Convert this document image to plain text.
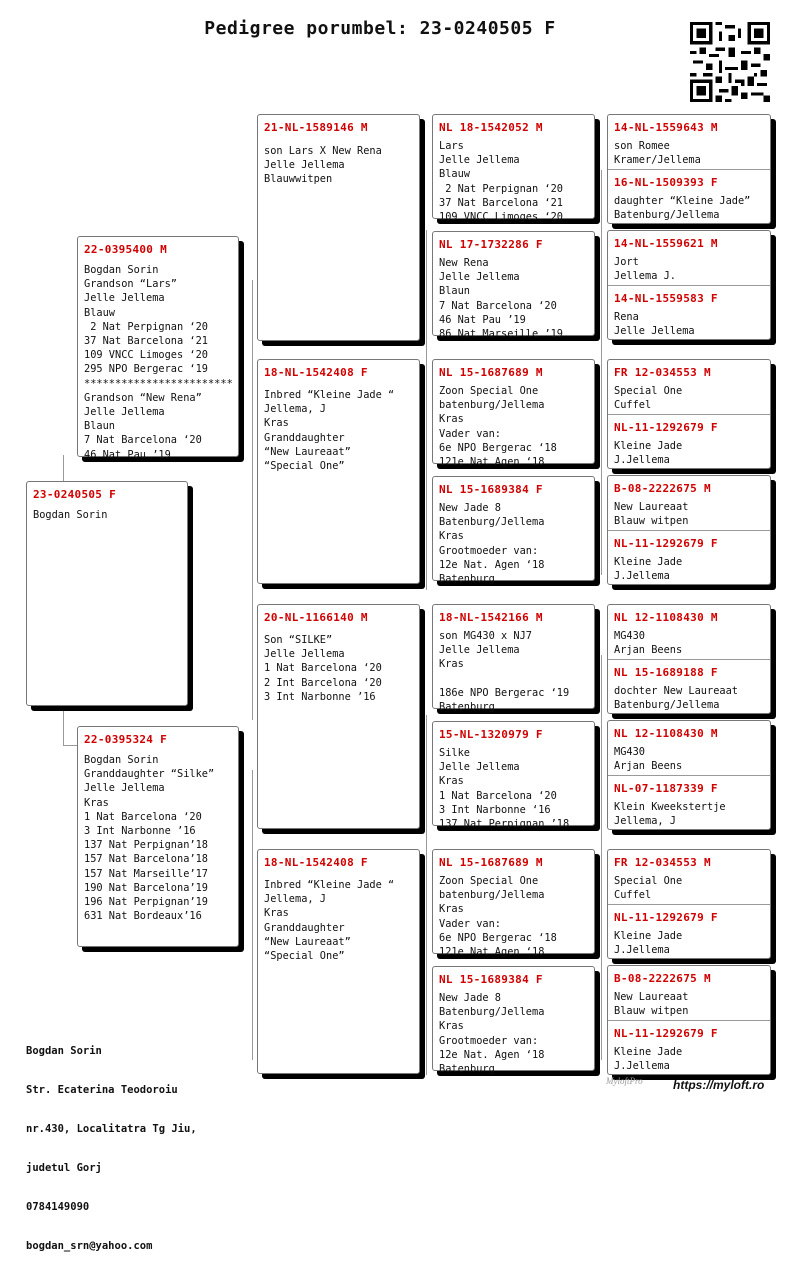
Pedigree porumbel: 23-0240505 F
23-0240505 F
Bogdan Sorin
22-0395400 M
Bogdan Sorin
Grandson “Lars”
Jelle Jellema
Blauw
2 Nat Perpignan ‘20
37 Nat Barcelona ‘21
109 VNCC Limoges ‘20
295 NPO Bergerac ‘19
************************
Grandson “New Rena”
Jelle Jellema
Blaun
7 Nat Barcelona ‘20
46 Nat Pau ’19
22-0395324 F
Bogdan Sorin
Granddaughter “Silke”
Jelle Jellema
Kras
1 Nat Barcelona ‘20
3 Int Narbonne ’16
137 Nat Perpignan’18
157 Nat Barcelona’18
157 Nat Marseille’17
190 Nat Barcelona’19
196 Nat Perpignan’19
631 Nat Bordeaux’16
21-NL-1589146 M
son Lars X New Rena
Jelle Jellema
Blauwwitpen
18-NL-1542408 F
Inbred “Kleine Jade “
Jellema, J
Kras
Granddaughter
“New Laureaat”
“Special One”
20-NL-1166140 M
Son “SILKE”
Jelle Jellema
1 Nat Barcelona ‘20
2 Int Barcelona ‘20
3 Int Narbonne ’16
18-NL-1542408 F
Inbred “Kleine Jade “
Jellema, J
Kras
Granddaughter
“New Laureaat”
“Special One”
NL 18-1542052 M
Lars
Jelle Jellema
Blauw
2 Nat Perpignan ‘20
37 Nat Barcelona ‘21
109 VNCC Limoges ‘20
NL 17-1732286 F
New Rena
Jelle Jellema
Blaun
7 Nat Barcelona ‘20
46 Nat Pau ’19
86 Nat Marseille ’19
NL 15-1687689 M
Zoon Special One
batenburg/Jellema
Kras
Vader van:
6e NPO Bergerac ‘18
121e Nat Agen ‘18
NL 15-1689384 F
New Jade 8
Batenburg/Jellema
Kras
Grootmoeder van:
12e Nat. Agen ‘18
Batenburg
18-NL-1542166 M
son MG430 x NJ7
Jelle Jellema
Kras

186e NPO Bergerac ‘19
Batenburg
15-NL-1320979 F
Silke
Jelle Jellema
Kras
1 Nat Barcelona ‘20
3 Int Narbonne ‘16
137 Nat Perpignan ’18
NL 15-1687689 M
Zoon Special One
batenburg/Jellema
Kras
Vader van:
6e NPO Bergerac ‘18
121e Nat Agen ‘18
NL 15-1689384 F
New Jade 8
Batenburg/Jellema
Kras
Grootmoeder van:
12e Nat. Agen ‘18
Batenburg
14-NL-1559643 M
son Romee
Kramer/Jellema
16-NL-1509393 F
daughter “Kleine Jade”
Batenburg/Jellema
14-NL-1559621 M
Jort
Jellema J.
14-NL-1559583 F
Rena
Jelle Jellema
FR 12-034553 M
Special One
Cuffel
NL-11-1292679 F
Kleine Jade
J.Jellema
B-08-2222675 M
New Laureaat
Blauw witpen
NL-11-1292679 F
Kleine Jade
J.Jellema
NL 12-1108430 M
MG430
Arjan Beens
NL 15-1689188 F
dochter New Laureaat
Batenburg/Jellema
NL 12-1108430 M
MG430
Arjan Beens
NL-07-1187339 F
Klein Kweekstertje
Jellema, J
FR 12-034553 M
Special One
Cuffel
NL-11-1292679 F
Kleine Jade
J.Jellema
B-08-2222675 M
New Laureaat
Blauw witpen
NL-11-1292679 F
Kleine Jade
J.Jellema

Bogdan Sorin

Str. Ecaterina Teodoroiu

nr.430, Localitatra Tg Jiu,

judetul Gorj

0784149090

bogdan_srn@yahoo.com

MyloftPro	https://myloft.ro
